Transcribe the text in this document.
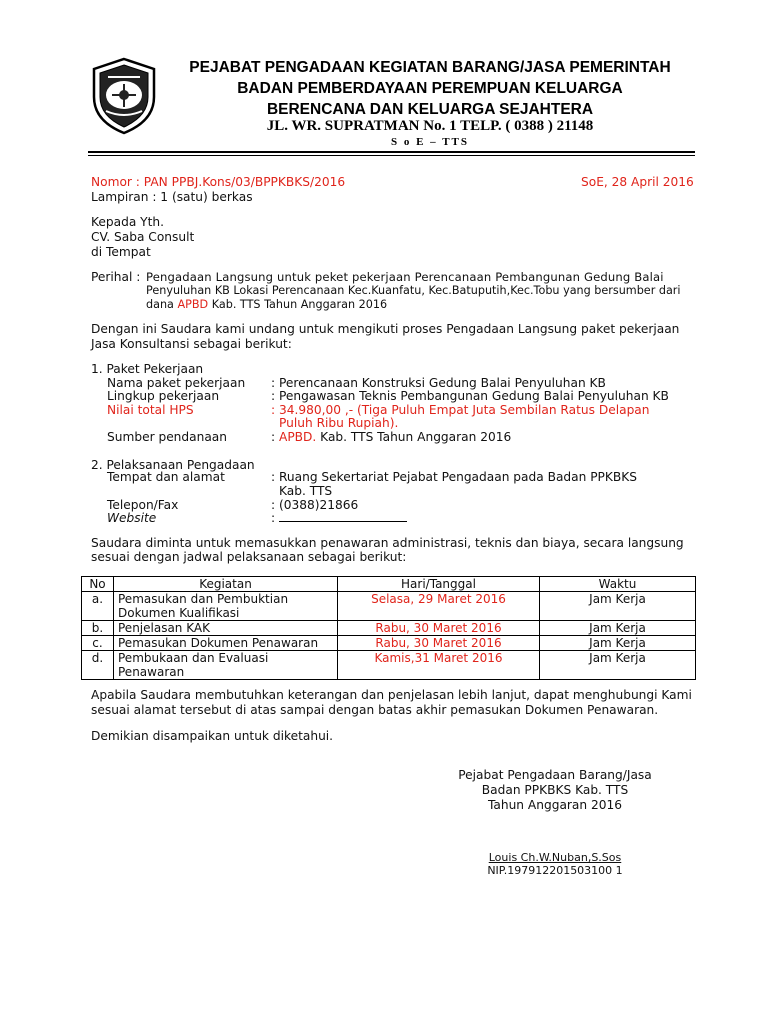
PEJABAT PENGADAAN KEGIATAN BARANG/JASA PEMERINTAH
BADAN PEMBERDAYAAN PEREMPUAN KELUARGA
BERENCANA DAN KELUARGA SEJAHTERA
JL. WR. SUPRATMAN No. 1 TELP. ( 0388 ) 21148
S o E – TTS
Nomor : PAN PPBJ.Kons/03/BPPKBKS/2016	SoE, 28 April 2016
Lampiran : 1 (satu) berkas
Kepada Yth.
CV. Saba Consult
di Tempat
Perihal : Pengadaan Langsung untuk peket pekerjaan Perencanaan Pembangunan Gedung Balai
Penyuluhan KB Lokasi Perencanaan Kec.Kuanfatu, Kec.Batuputih,Kec.Tobu yang bersumber dari
dana APBD Kab. TTS Tahun Anggaran 2016
Dengan ini Saudara kami undang untuk mengikuti proses Pengadaan Langsung paket pekerjaan
Jasa Konsultansi sebagai berikut:
1. Paket Pekerjaan
Nama paket pekerjaan : Perencanaan Konstruksi Gedung Balai Penyuluhan KB
Lingkup pekerjaan	: Pengawasan Teknis Pembangunan Gedung Balai Penyuluhan KB
Nilai total HPS	: 34.980,00 ,- (Tiga Puluh Empat Juta Sembilan Ratus Delapan
Puluh Ribu Rupiah).
Sumber pendanaan	: APBD. Kab. TTS Tahun Anggaran 2016
2. Pelaksanaan Pengadaan
Tempat dan alamat	: Ruang Sekertariat Pejabat Pengadaan pada Badan PPKBKS
Kab. TTS
Telepon/Fax	: (0388)21866
Website	:
Saudara diminta untuk memasukkan penawaran administrasi, teknis dan biaya, secara langsung
sesuai dengan jadwal pelaksanaan sebagai berikut:
No	Kegiatan	Hari/Tanggal	Waktu
a.	Pemasukan dan Pembuktian Dokumen Kualifikasi	Selasa, 29 Maret 2016	Jam Kerja
b.	Penjelasan KAK	Rabu, 30 Maret 2016	Jam Kerja
c.	Pemasukan Dokumen Penawaran	Rabu, 30 Maret 2016	Jam Kerja
d.	Pembukaan dan Evaluasi Penawaran	Kamis,31 Maret 2016	Jam Kerja
Apabila Saudara membutuhkan keterangan dan penjelasan lebih lanjut, dapat menghubungi Kami
sesuai alamat tersebut di atas sampai dengan batas akhir pemasukan Dokumen Penawaran.
Demikian disampaikan untuk diketahui.
Pejabat Pengadaan Barang/Jasa
Badan PPKBKS Kab. TTS
Tahun Anggaran 2016
Louis Ch.W.Nuban,S.Sos
NIP.197912201503100 1
